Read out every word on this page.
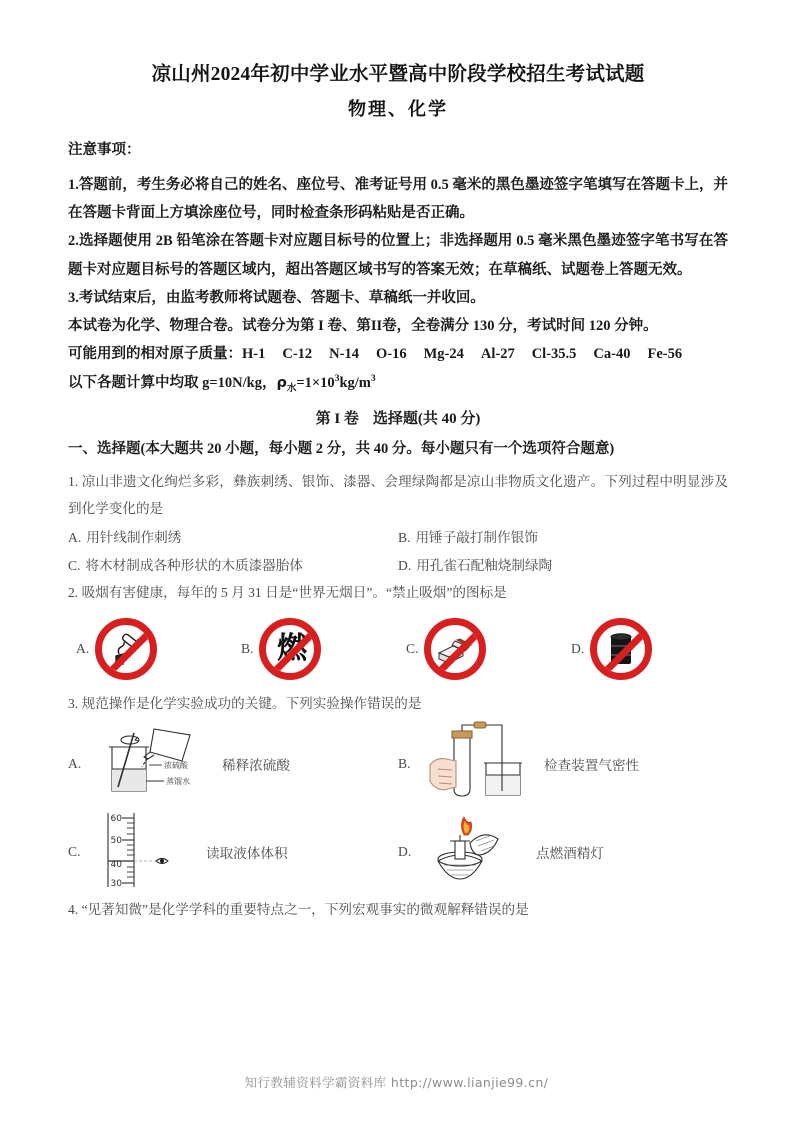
凉山州2024年初中学业水平暨高中阶段学校招生考试试题
物理、化学
注意事项：

1.答题前，考生务必将自己的姓名、座位号、准考证号用 0.5 毫米的黑色墨迹签字笔填写在答题卡上，并在答题卡背面上方填涂座位号，同时检查条形码粘贴是否正确。

2.选择题使用 2B 铅笔涂在答题卡对应题目标号的位置上；非选择题用 0.5 毫米黑色墨迹签字笔书写在答题卡对应题目标号的答题区域内，超出答题区域书写的答案无效；在草稿纸、试题卷上答题无效。

3.考试结束后，由监考教师将试题卷、答题卡、草稿纸一并收回。

本试卷为化学、物理合卷。试卷分为第 I 卷、第II卷，全卷满分 130 分，考试时间 120 分钟。

可能用到的相对原子质量：H-1 C-12 N-14 O-16 Mg-24 Al-27 Cl-35.5 Ca-40 Fe-56
以下各题计算中均取 g=10N/kg，$\rho_水=1\times 10^3kg/m^3$
第 I 卷 选择题(共 40 分)
一、选择题(本大题共 20 小题，每小题 2 分，共 40 分。每小题只有一个选项符合题意)

1. 凉山非遗文化绚烂多彩，彝族刺绣、银饰、漆器、会理绿陶都是凉山非物质文化遗产。下列过程中明显涉及到化学变化的是

A. 用针线制作刺绣	B. 用锤子敲打制作银饰
C. 将木材制成各种形状的木质漆器胎体	D. 用孔雀石配釉烧制绿陶

2. 吸烟有害健康，每年的 5 月 31 日是“世界无烟日”。“禁止吸烟”的图标是

A.	B. 燃	C.	D.

3. 规范操作是化学实验成功的关键。下列实验操作错误的是

A.	浓硫酸
蒸馏水
稀释浓硫酸	B.	检查装置气密性
C.
60
50
40
30
读取液体体积	D.	点燃酒精灯

4. “见著知微”是化学学科的重要特点之一，下列宏观事实的微观解释错误的是

知行教辅资料学霸资料库 http://www.lianjie99.cn/
